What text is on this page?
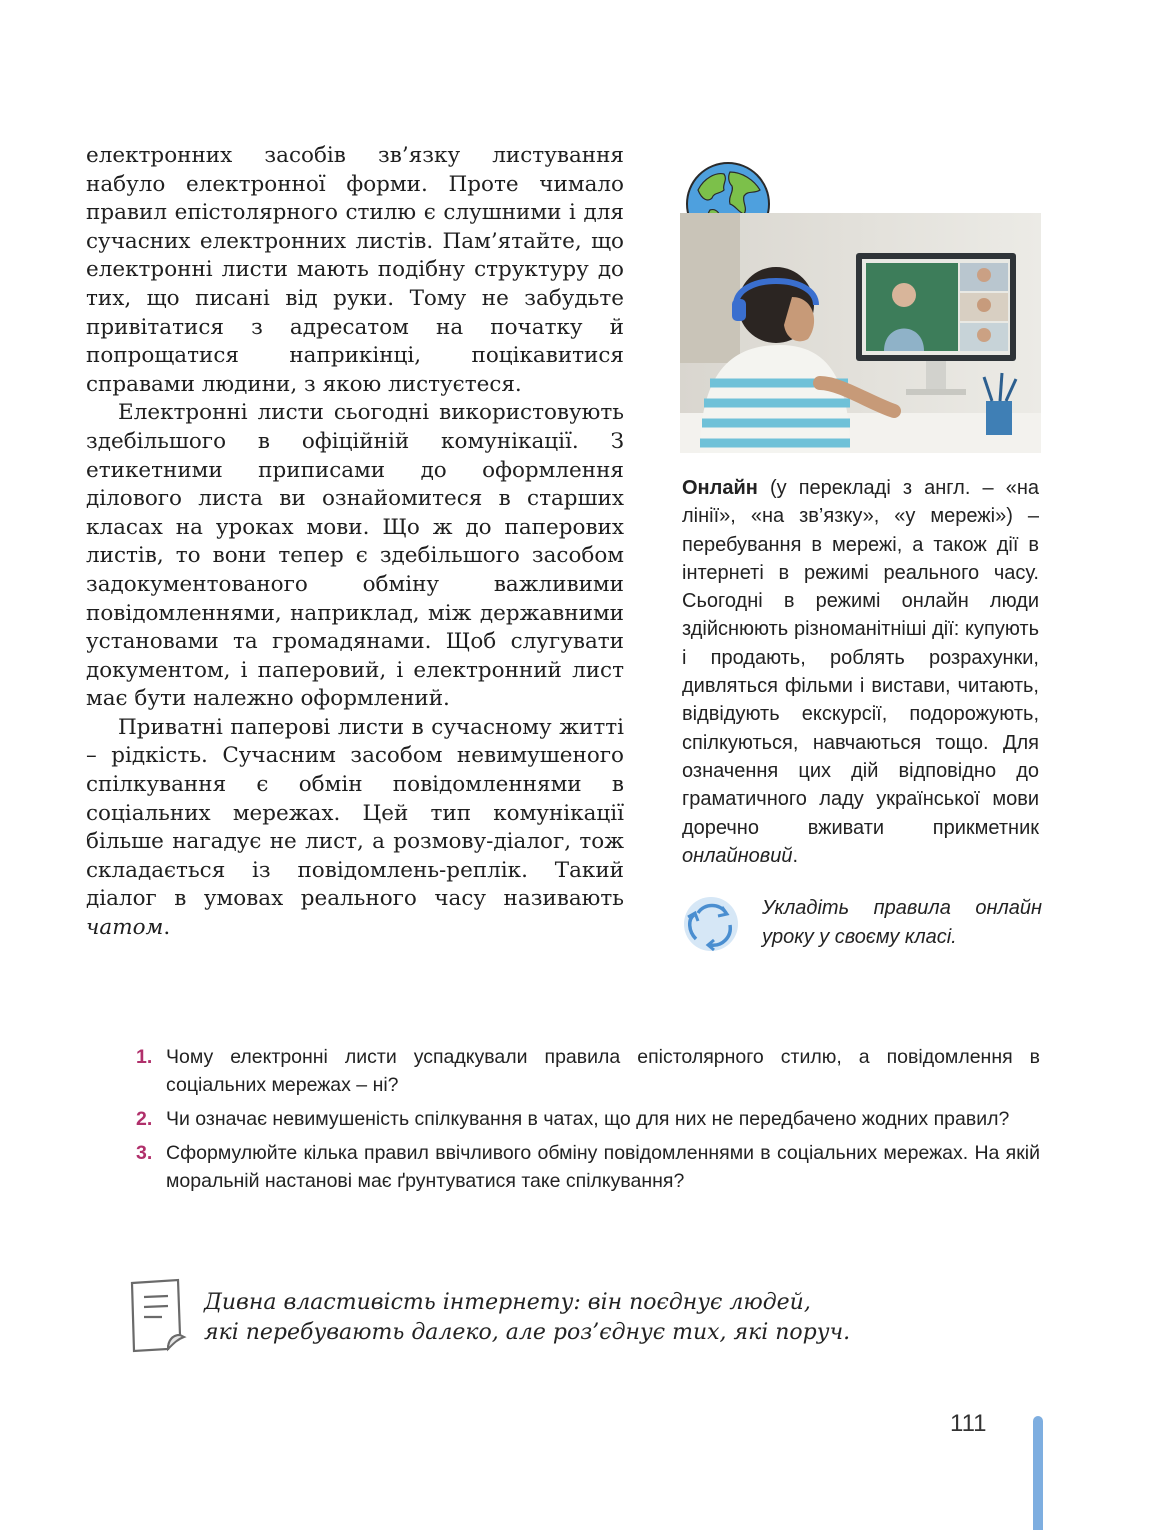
електронних засобів зв’язку листування набуло електронної форми. Проте чимало правил епістолярного стилю є слушними і для сучасних електронних листів. Пам’ятайте, що електронні листи мають подібну структуру до тих, що писані від руки. Тому не забудьте привітатися з адресатом на початку й попрощатися наприкінці, поцікавитися справами людини, з якою листуєтеся.

Електронні листи сьогодні використовують здебільшого в офіційній комунікації. З етикетними приписами до оформлення ділового листа ви ознайомитеся в старших класах на уроках мови. Що ж до паперових листів, то вони тепер є здебільшого засобом задокументованого обміну важливими повідомленнями, наприклад, між державними установами та громадянами. Щоб слугувати документом, і паперовий, і електронний лист має бути належно оформлений.

Приватні паперові листи в сучасному житті – рідкість. Сучасним засобом невимушеного спілкування є обмін повідомленнями в соціальних мережах. Цей тип комунікації більше нагадує не лист, а розмову-діалог, тож складається із повідомлень-реплік. Такий діалог в умовах реального часу називають чатом.

Онлайн (у перекладі з англ. – «на лінії», «на зв’язку», «у мережі») – перебування в мережі, а також дії в інтернеті в режимі реального часу. Сьогодні в режимі онлайн люди здійснюють різноманітніші дії: купують і продають, роблять розрахунки, дивляться фільми і вистави, читають, відвідують екскурсії, подорожують, спілкуються, навчаються тощо. Для означення цих дій відповідно до граматичного ладу української мови доречно вживати прикметник онлайновий.
Укладіть правила онлайн уроку у своєму класі.
1. Чому електронні листи успадкували правила епістолярного стилю, а повідомлення в соціальних мережах – ні?
2. Чи означає невимушеність спілкування в чатах, що для них не передбачено жодних правил?
3. Сформулюйте кілька правил ввічливого обміну повідомленнями в соціальних мережах. На якій моральній настанові має ґрунтуватися таке спілкування?
Дивна властивість інтернету: він поєднує людей,
які перебувають далеко, але роз’єднує тих, які поруч.
111
